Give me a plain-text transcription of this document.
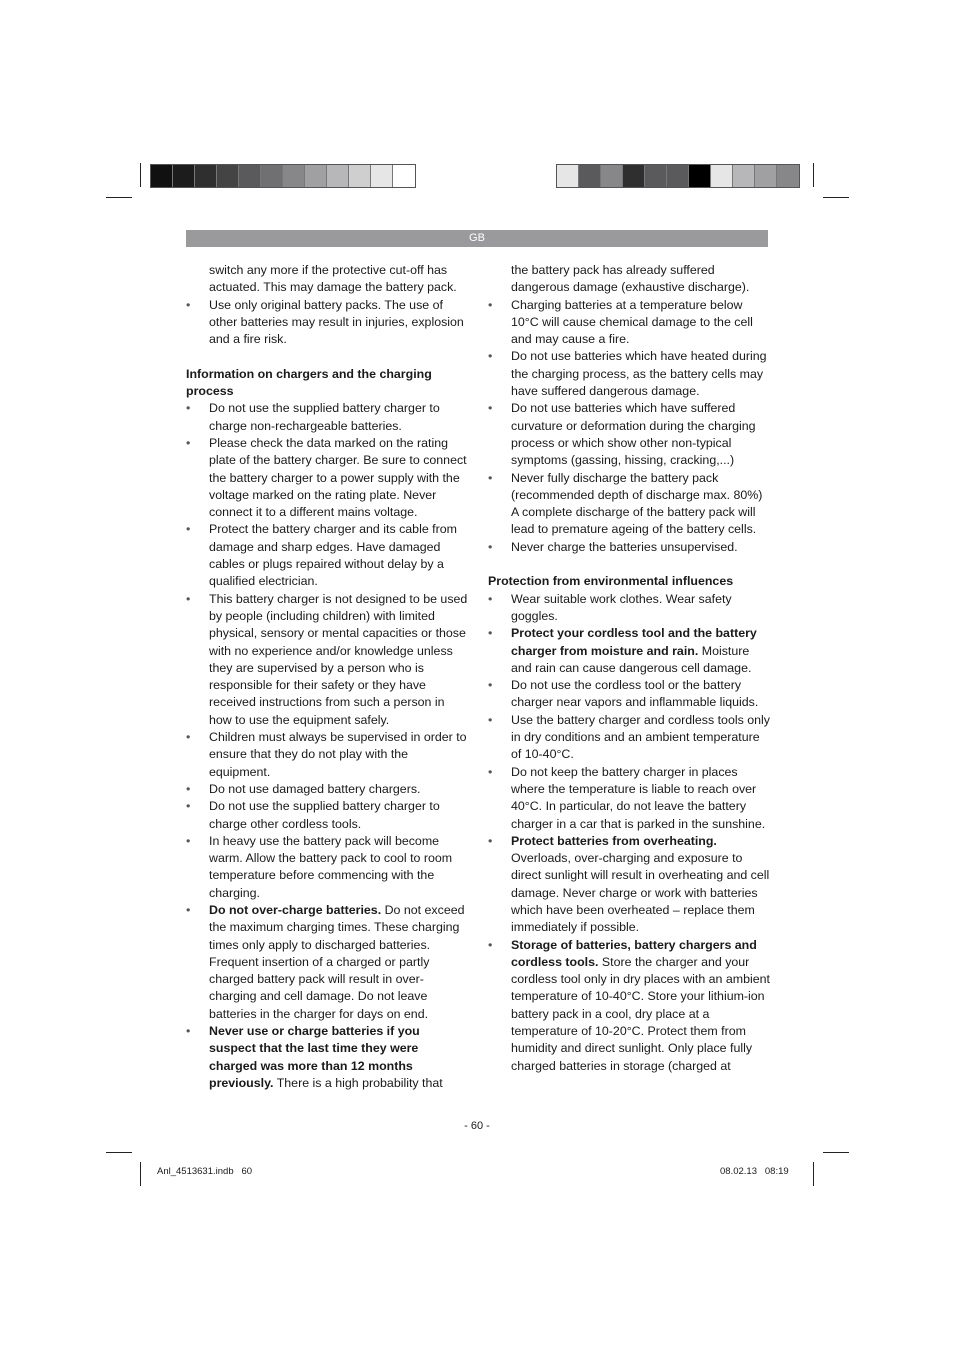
GB

switch any more if the protective cut-off has actuated. This may damage the battery pack.

• Use only original battery packs. The use of other batteries may result in injuries, explosion and a fire risk.

Information on chargers and the charging process

• Do not use the supplied battery charger to charge non-rechargeable batteries.
• Please check the data marked on the rating plate of the battery charger. Be sure to connect the battery charger to a power supply with the voltage marked on the rating plate. Never connect it to a different mains voltage.
• Protect the battery charger and its cable from damage and sharp edges. Have damaged cables or plugs repaired without delay by a qualified electrician.
• This battery charger is not designed to be used by people (including children) with limited physical, sensory or mental capacities or those with no experience and/or knowledge unless they are supervised by a person who is responsible for their safety or they have received instructions from such a person in how to use the equipment safely.
• Children must always be supervised in order to ensure that they do not play with the equipment.
• Do not use damaged battery chargers.
• Do not use the supplied battery charger to charge other cordless tools.
• In heavy use the battery pack will become warm. Allow the battery pack to cool to room temperature before commencing with the charging.
• Do not over-charge batteries. Do not exceed the maximum charging times. These charging times only apply to discharged batteries. Frequent insertion of a charged or partly charged battery pack will result in over-charging and cell damage. Do not leave batteries in the charger for days on end.
• Never use or charge batteries if you suspect that the last time they were charged was more than 12 months previously. There is a high probability that

the battery pack has already suffered dangerous damage (exhaustive discharge).

• Charging batteries at a temperature below 10°C will cause chemical damage to the cell and may cause a fire.
• Do not use batteries which have heated during the charging process, as the battery cells may have suffered dangerous damage.
• Do not use batteries which have suffered curvature or deformation during the charging process or which show other non-typical symptoms (gassing, hissing, cracking,...)
• Never fully discharge the battery pack (recommended depth of discharge max. 80%)

A complete discharge of the battery pack will lead to premature ageing of the battery cells.

• Never charge the batteries unsupervised.

Protection from environmental influences

• Wear suitable work clothes. Wear safety goggles.
• Protect your cordless tool and the battery charger from moisture and rain. Moisture and rain can cause dangerous cell damage.
• Do not use the cordless tool or the battery charger near vapors and inflammable liquids.
• Use the battery charger and cordless tools only in dry conditions and an ambient temperature of 10-40°C.
• Do not keep the battery charger in places where the temperature is liable to reach over 40°C. In particular, do not leave the battery charger in a car that is parked in the sunshine.
• Protect batteries from overheating. Overloads, over-charging and exposure to direct sunlight will result in overheating and cell damage. Never charge or work with batteries which have been overheated – replace them immediately if possible.
• Storage of batteries, battery chargers and cordless tools. Store the charger and your cordless tool only in dry places with an ambient temperature of 10-40°C. Store your lithium-ion battery pack in a cool, dry place at a temperature of 10-20°C. Protect them from humidity and direct sunlight. Only place fully charged batteries in storage (charged at
- 60 -
Anl_4513631.indb   60	08.02.13   08:19
